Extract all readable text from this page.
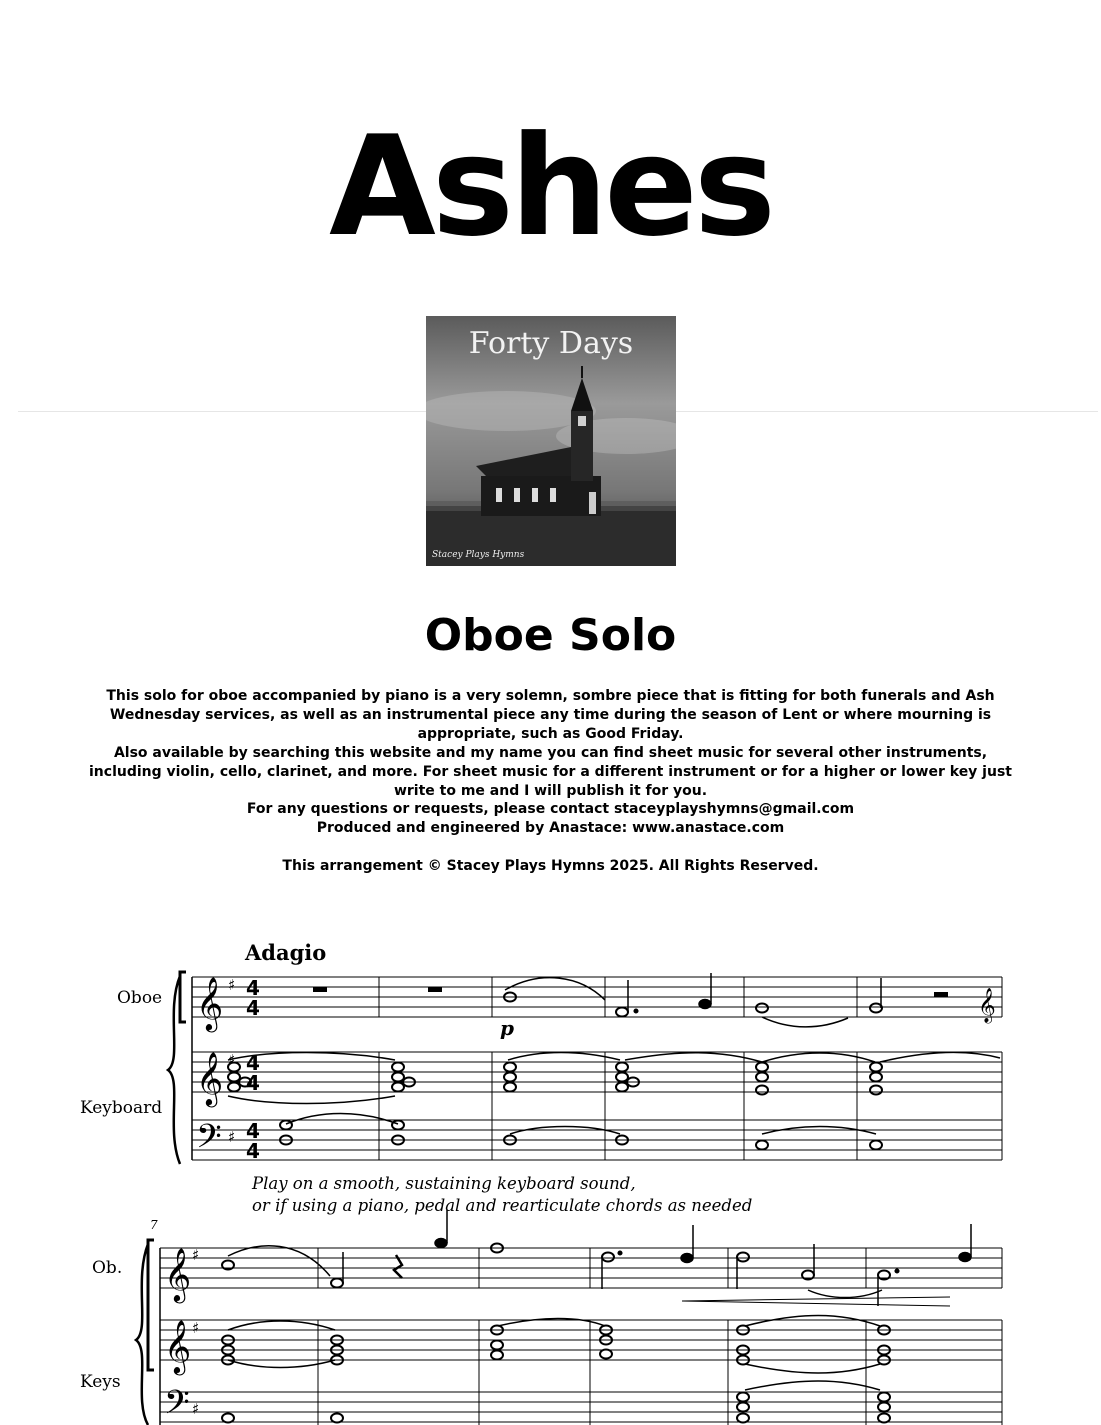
Ashes
Forty Days
Stacey Plays Hymns
Oboe Solo
This solo for oboe accompanied by piano is a very solemn, sombre piece that is fitting for both funerals and Ash Wednesday services, as well as an instrumental piece any time during the season of Lent or where mourning is appropriate, such as Good Friday.
Also available by searching this website and my name you can find sheet music for several other instruments, including violin, cello, clarinet, and more. For sheet music for a different instrument or for a higher or lower key just write to me and I will publish it for you.
For any questions or requests, please contact staceyplayshymns@gmail.com
Produced and engineered by Anastace: www.anastace.com
This arrangement © Stacey Plays Hymns 2025. All Rights Reserved.
Adagio
Oboe
Keyboard
Play on a smooth, sustaining keyboard sound,
or if using a piano, pedal and rearticulate chords as needed
7
Ob.
Keys
p
𝄞
𝄞
𝄢
𝄞
𝄞
𝄢
♯
♯
♯
♯
♯
♯
𝄞
4
4
4
4
4
4
